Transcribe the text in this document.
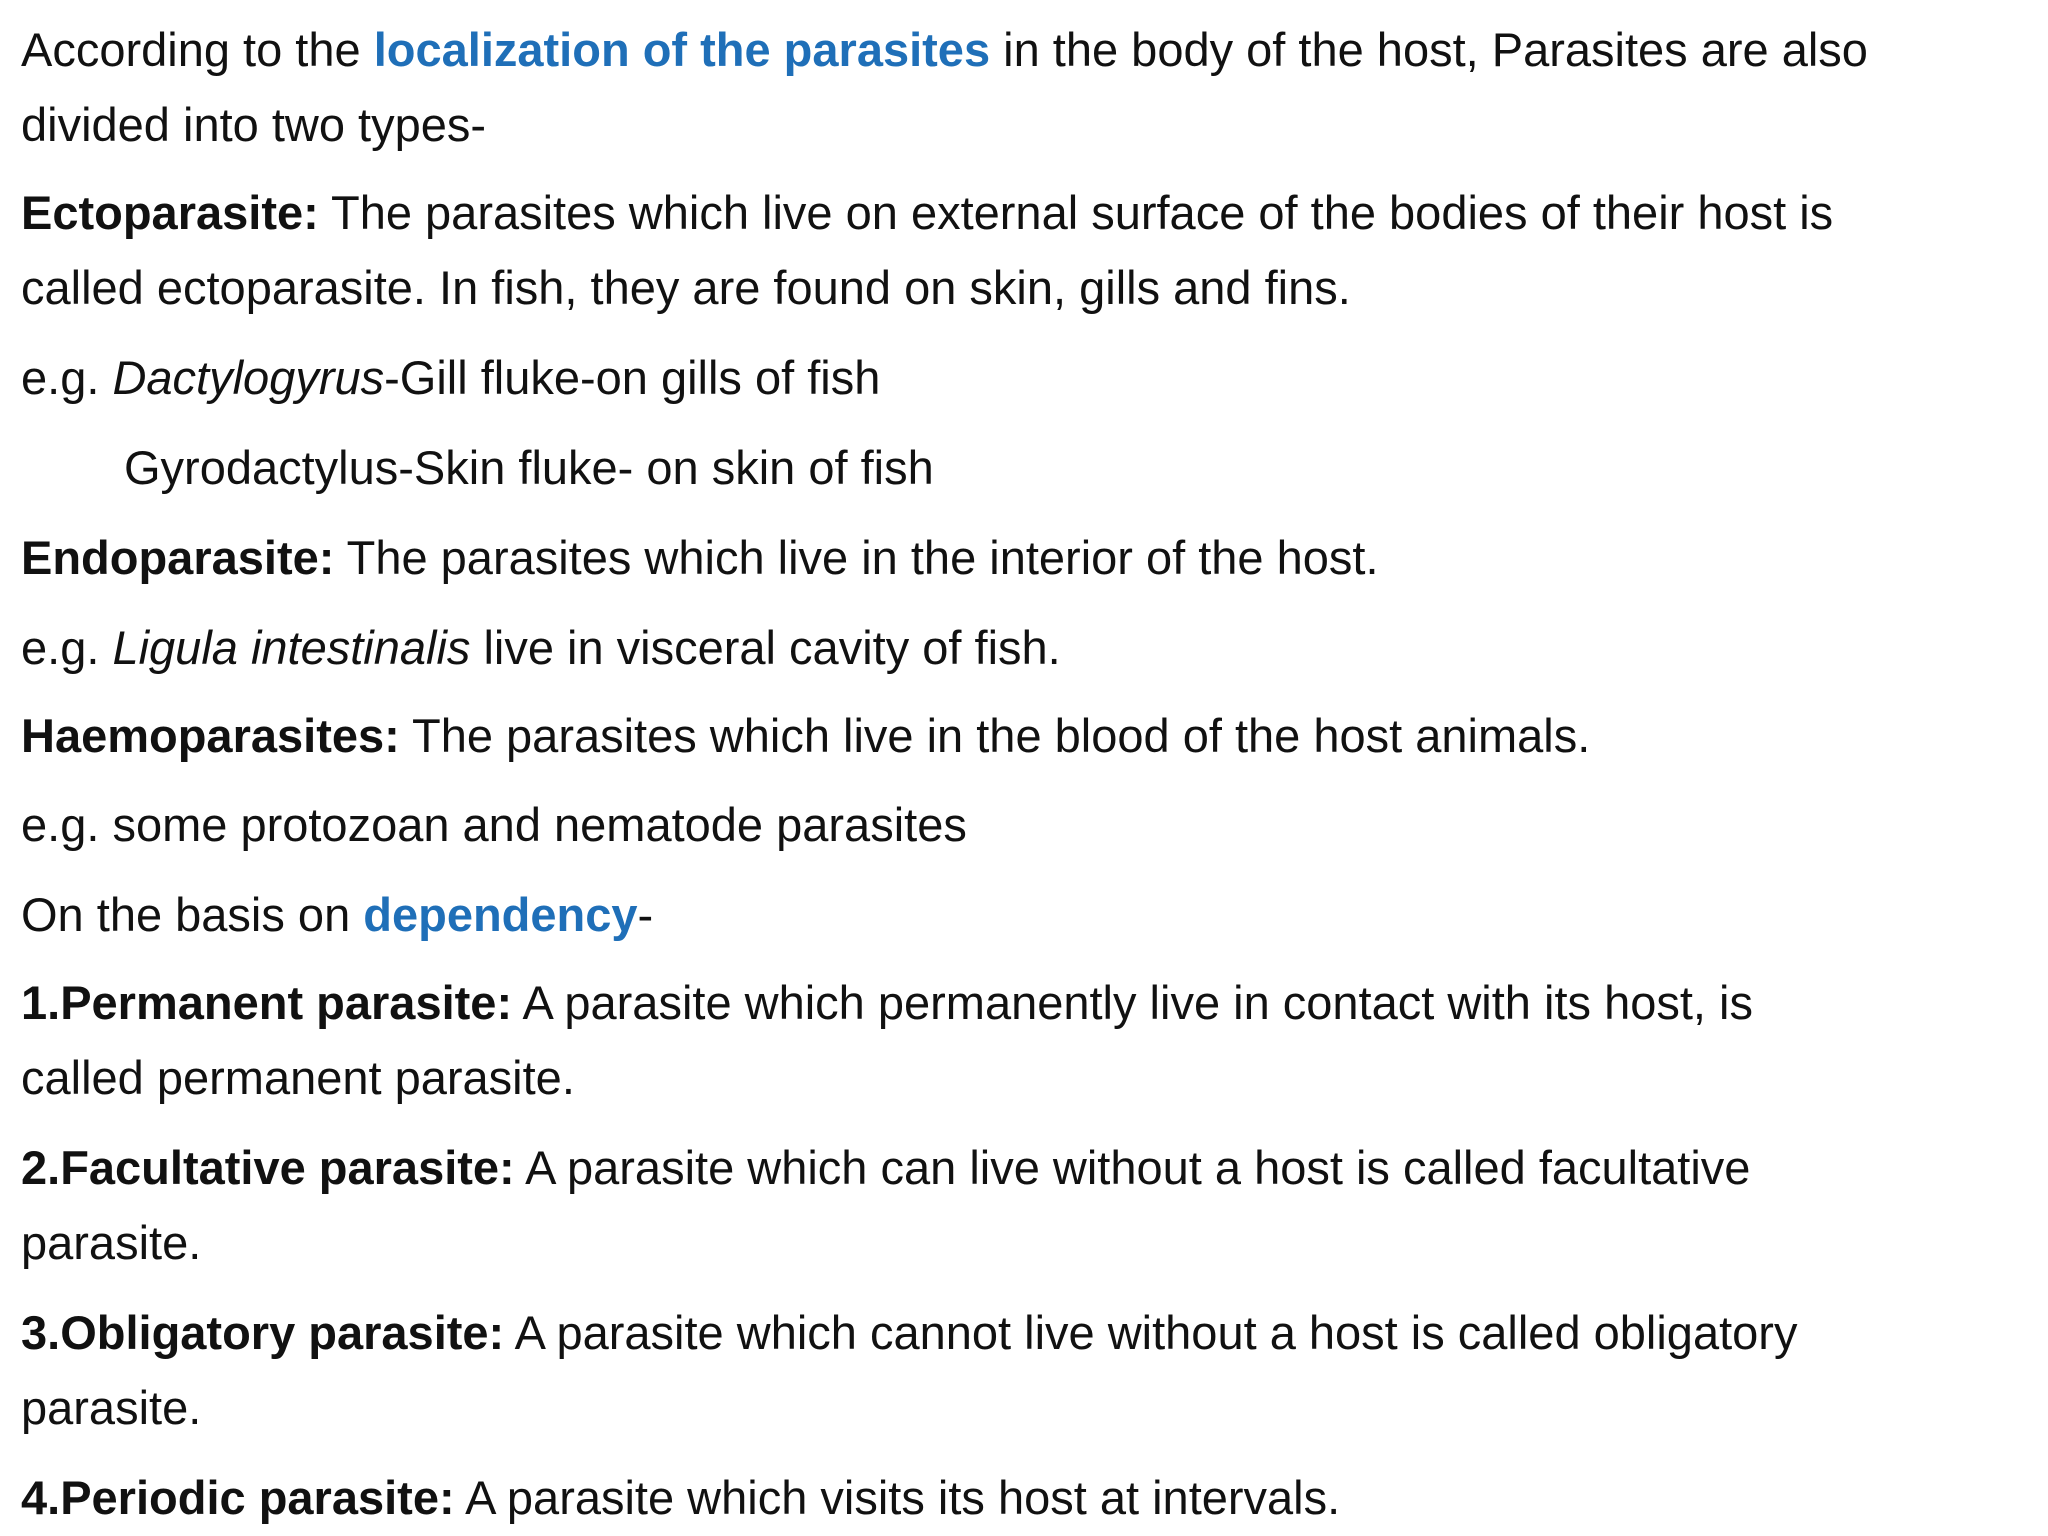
According to the localization of the parasites in the body of the host, Parasites are also
divided into two types-
Ectoparasite: The parasites which live on external surface of the bodies of their host is
called ectoparasite. In fish, they are found on skin, gills and fins.
e.g. Dactylogyrus-Gill fluke-on gills of fish
Gyrodactylus-Skin fluke- on skin of fish
Endoparasite: The parasites which live in the interior of the host.
e.g. Ligula intestinalis live in visceral cavity of fish.
Haemoparasites: The parasites which live in the blood of the host animals.
e.g. some protozoan and nematode parasites
On the basis on dependency-
1.Permanent parasite: A parasite which permanently live in contact with its host, is
called permanent parasite.
2.Facultative parasite: A parasite which can live without a host is called facultative
parasite.
3.Obligatory parasite: A parasite which cannot live without a host is called obligatory
parasite.
4.Periodic parasite: A parasite which visits its host at intervals.
